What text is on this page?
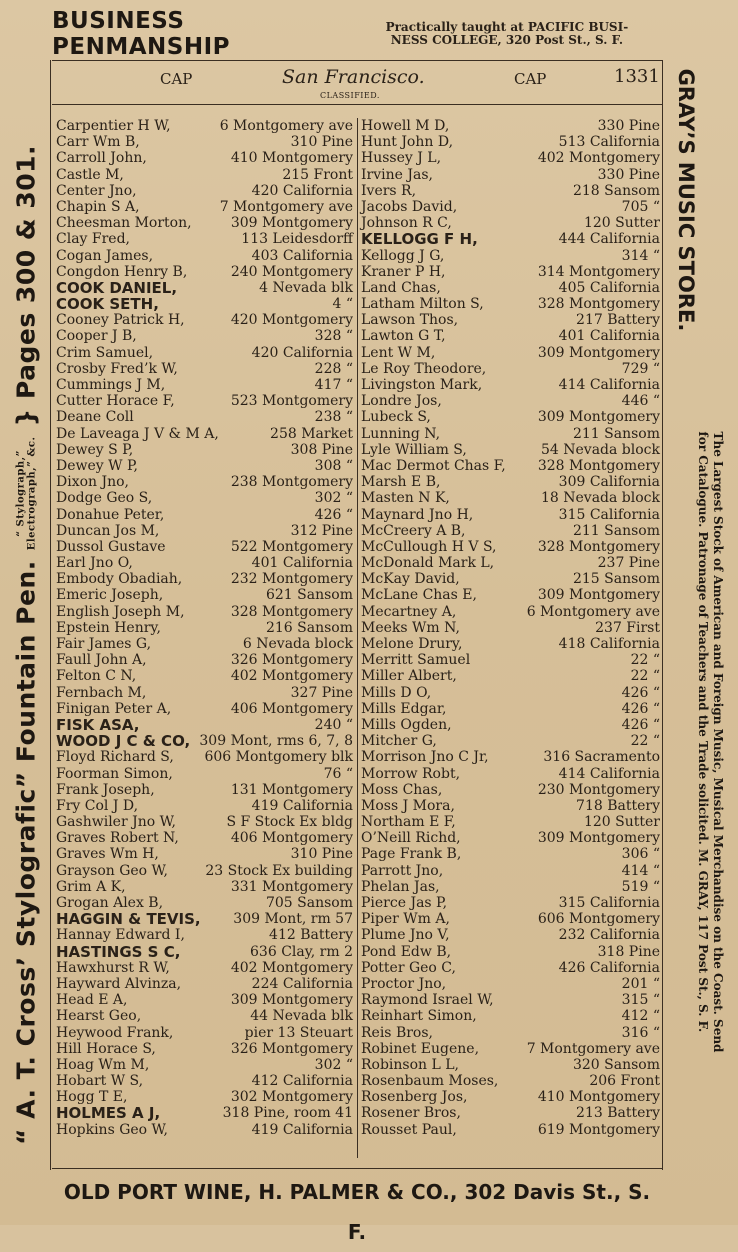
BUSINESS PENMANSHIP
Practically taught at PACIFIC BUSI-
NESS COLLEGE, 320 Post St., S. F.
CAP	San Francisco.	CAP	1331
CLASSIFIED.
“ A. T. Cross’ Stylografic” Fountain Pen.
“ Stylograph,”
Electrograph,” &c.
} Pages 300 & 301.	GRAY’S MUSIC STORE.
The Largest Stock of American and Foreign Music, Musical Merchandise on the Coast. Send
for Catalogue. Patronage of Teachers and the Trade solicited. M. GRAY, 117 Post St., S. F.
Carpentier H W,	6 Montgomery ave
Carr Wm B,	310 Pine
Carroll John,	410 Montgomery
Castle M,	215 Front
Center Jno,	420 California
Chapin S A,	7 Montgomery ave
Cheesman Morton,	309 Montgomery
Clay Fred,	113 Leidesdorff
Cogan James,	403 California
Congdon Henry B,	240 Montgomery
COOK DANIEL,	4 Nevada blk
COOK SETH,	4 “
Cooney Patrick H,	420 Montgomery
Cooper J B,	328 “
Crim Samuel,	420 California
Crosby Fred’k W,	228 “
Cummings J M,	417 “
Cutter Horace F,	523 Montgomery
Deane Coll	238 “
De Laveaga J V & M A,	258 Market
Dewey S P,	308 Pine
Dewey W P,	308 “
Dixon Jno,	238 Montgomery
Dodge Geo S,	302 “
Donahue Peter,	426 “
Duncan Jos M,	312 Pine
Dussol Gustave	522 Montgomery
Earl Jno O,	401 California
Embody Obadiah,	232 Montgomery
Emeric Joseph,	621 Sansom
English Joseph M,	328 Montgomery
Epstein Henry,	216 Sansom
Fair James G,	6 Nevada block
Faull John A,	326 Montgomery
Felton C N,	402 Montgomery
Fernbach M,	327 Pine
Finigan Peter A,	406 Montgomery
FISK ASA,	240 “
WOOD J C & CO, 309 Mont, rms 6, 7, 8
Floyd Richard S, 606 Montgomery blk
Foorman Simon,	76 “
Frank Joseph,	131 Montgomery
Fry Col J D,	419 California
Gashwiler Jno W,	S F Stock Ex bldg
Graves Robert N,	406 Montgomery
Graves Wm H,	310 Pine
Grayson Geo W,	23 Stock Ex building
Grim A K,	331 Montgomery
Grogan Alex B,	705 Sansom
HAGGIN & TEVIS, 309 Mont, rm 57
Hannay Edward I,	412 Battery
HASTINGS S C,	636 Clay, rm 2
Hawxhurst R W,	402 Montgomery
Hayward Alvinza,	224 California
Head E A,	309 Montgomery
Hearst Geo,	44 Nevada blk
Heywood Frank,	pier 13 Steuart
Hill Horace S,	326 Montgomery
Hoag Wm M,	302 “
Hobart W S,	412 California
Hogg T E,	302 Montgomery
HOLMES A J,	318 Pine, room 41
Hopkins Geo W,	419 California
Howell M D,	330 Pine
Hunt John D,	513 California
Hussey J L,	402 Montgomery
Irvine Jas,	330 Pine
Ivers R,	218 Sansom
Jacobs David,	705 “
Johnson R C,	120 Sutter
KELLOGG F H,	444 California
Kellogg J G,	314 “
Kraner P H,	314 Montgomery
Land Chas,	405 California
Latham Milton S,	328 Montgomery
Lawson Thos,	217 Battery
Lawton G T,	401 California
Lent W M,	309 Montgomery
Le Roy Theodore,	729 “
Livingston Mark,	414 California
Londre Jos,	446 “
Lubeck S,	309 Montgomery
Lunning N,	211 Sansom
Lyle William S,	54 Nevada block
Mac Dermot Chas F, 328 Montgomery
Marsh E B,	309 California
Masten N K,	18 Nevada block
Maynard Jno H,	315 California
McCreery A B,	211 Sansom
McCullough H V S,	328 Montgomery
McDonald Mark L,	237 Pine
McKay David,	215 Sansom
McLane Chas E,	309 Montgomery
Mecartney A,	6 Montgomery ave
Meeks Wm N,	237 First
Melone Drury,	418 California
Merritt Samuel	22 “
Miller Albert,	22 “
Mills D O,	426 “
Mills Edgar,	426 “
Mills Ogden,	426 “
Mitcher G,	22 “
Morrison Jno C Jr,	316 Sacramento
Morrow Robt,	414 California
Moss Chas,	230 Montgomery
Moss J Mora,	718 Battery
Northam E F,	120 Sutter
O’Neill Richd,	309 Montgomery
Page Frank B,	306 “
Parrott Jno,	414 “
Phelan Jas,	519 “
Pierce Jas P,	315 California
Piper Wm A,	606 Montgomery
Plume Jno V,	232 California
Pond Edw B,	318 Pine
Potter Geo C,	426 California
Proctor Jno,	201 “
Raymond Israel W,	315 “
Reinhart Simon,	412 “
Reis Bros,	316 “
Robinet Eugene,	7 Montgomery ave
Robinson L L,	320 Sansom
Rosenbaum Moses,	206 Front
Rosenberg Jos,	410 Montgomery
Rosener Bros,	213 Battery
Rousset Paul,	619 Montgomery
OLD PORT WINE, H. PALMER & CO., 302 Davis St., S. F.
